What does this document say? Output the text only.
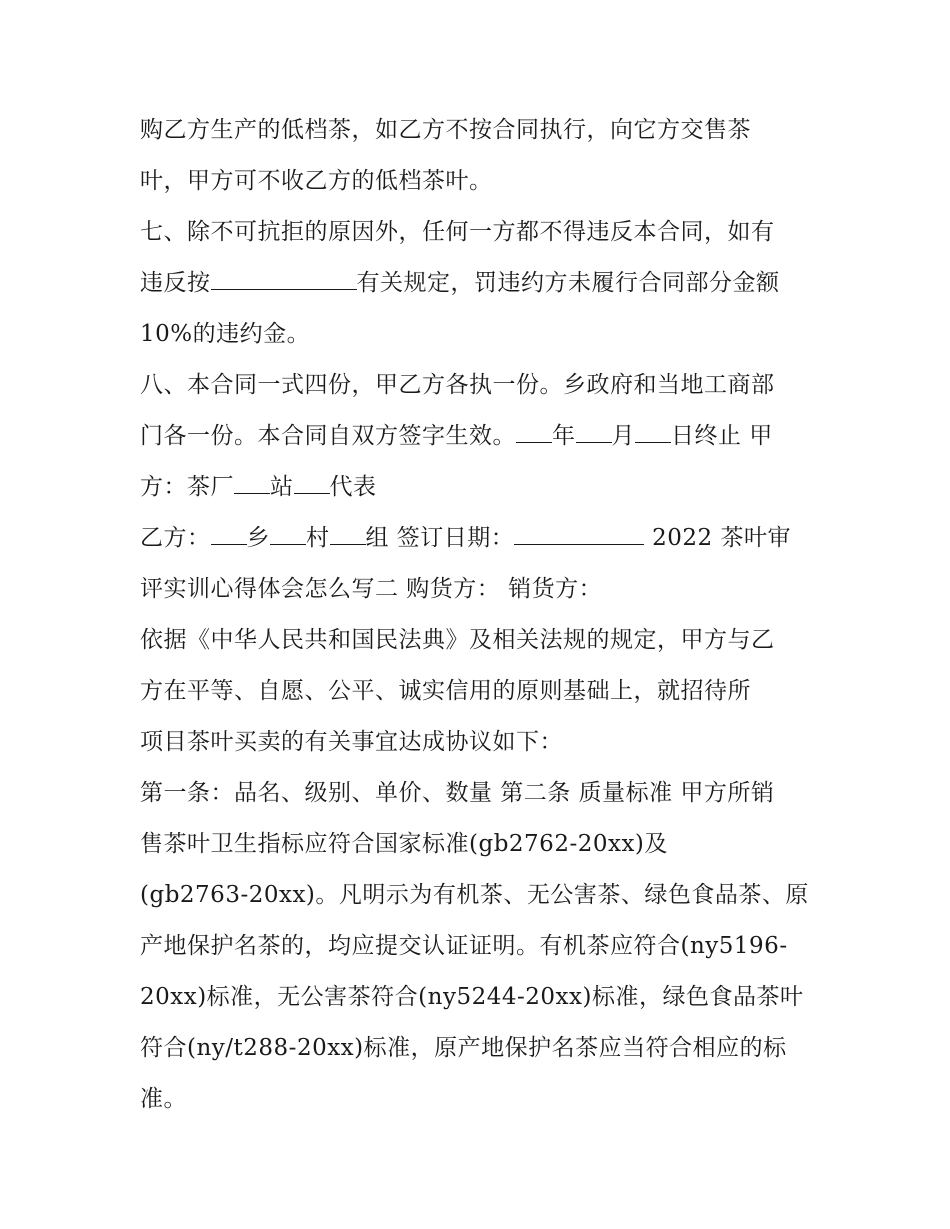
购乙方生产的低档茶，如乙方不按合同执行，向它方交售茶
叶，甲方可不收乙方的低档茶叶。
七、除不可抗拒的原因外，任何一方都不得违反本合同，如有
违反按	有关规定，罚违约方未履行合同部分金额
10%的违约金。
八、本合同一式四份，甲乙方各执一份。乡政府和当地工商部
门各一份。本合同自双方签字生效。 年 月 日终止 甲
方：茶厂 站 代表
乙方： 乡 村 组 签订日期：	2022 茶叶审
评实训心得体会怎么写二 购货方： 销货方：
依据《中华人民共和国民法典》及相关法规的规定，甲方与乙
方在平等、自愿、公平、诚实信用的原则基础上，就招待所
项目茶叶买卖的有关事宜达成协议如下：
第一条：品名、级别、单价、数量 第二条 质量标准 甲方所销
售茶叶卫生指标应符合国家标准(gb2762-20xx)及
(gb2763-20xx)。凡明示为有机茶、无公害茶、绿色食品茶、原
产地保护名茶的，均应提交认证证明。有机茶应符合(ny5196-
20xx)标准，无公害茶符合(ny5244-20xx)标准，绿色食品茶叶
符合(ny/t288-20xx)标准，原产地保护名茶应当符合相应的标
准。
